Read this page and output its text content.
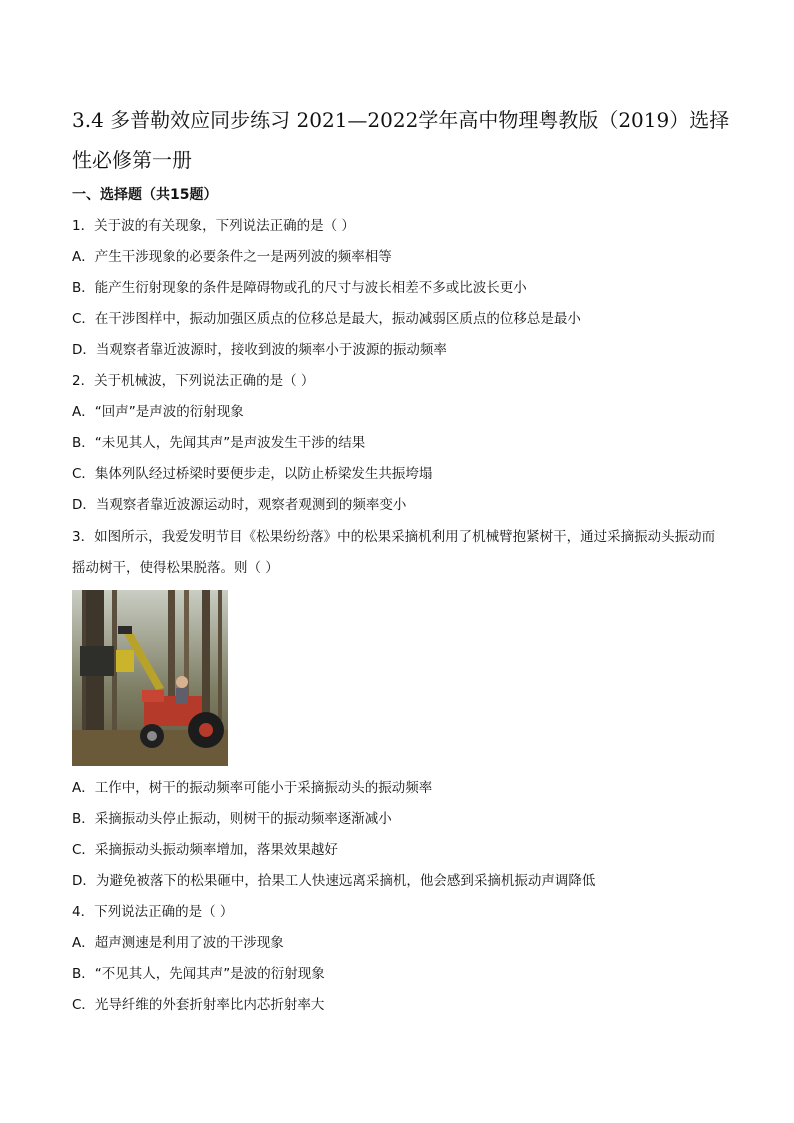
3.4 多普勒效应同步练习 2021—2022学年高中物理粤教版（2019）选择性必修第一册
一、选择题（共15题）
1．关于波的有关现象，下列说法正确的是（ ）
A．产生干涉现象的必要条件之一是两列波的频率相等
B．能产生衍射现象的条件是障碍物或孔的尺寸与波长相差不多或比波长更小
C．在干涉图样中，振动加强区质点的位移总是最大，振动减弱区质点的位移总是最小
D．当观察者靠近波源时，接收到波的频率小于波源的振动频率
2．关于机械波，下列说法正确的是（ ）
A．“回声”是声波的衍射现象
B．“未见其人，先闻其声”是声波发生干涉的结果
C．集体列队经过桥梁时要便步走，以防止桥梁发生共振垮塌
D．当观察者靠近波源运动时，观察者观测到的频率变小
3．如图所示，我爱发明节目《松果纷纷落》中的松果采摘机利用了机械臂抱紧树干，通过采摘振动头振动而摇动树干，使得松果脱落。则（ ）
A．工作中，树干的振动频率可能小于采摘振动头的振动频率
B．采摘振动头停止振动，则树干的振动频率逐渐减小
C．采摘振动头振动频率增加，落果效果越好
D．为避免被落下的松果砸中，拾果工人快速远离采摘机，他会感到采摘机振动声调降低
4．下列说法正确的是（ ）
A．超声测速是利用了波的干涉现象
B．“不见其人，先闻其声”是波的衍射现象
C．光导纤维的外套折射率比内芯折射率大
